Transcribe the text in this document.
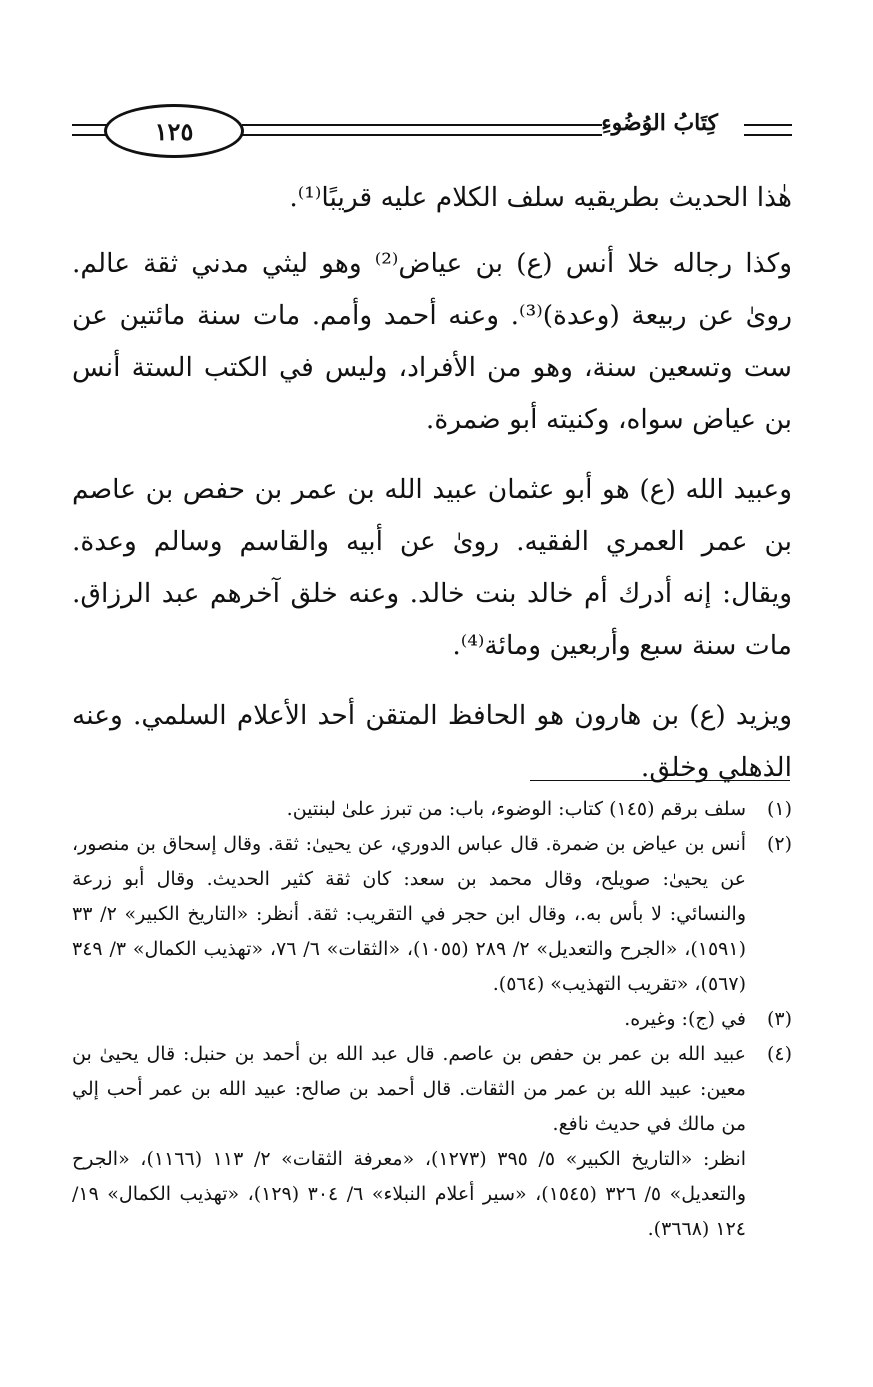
١٢٥	كِتَابُ الوُضُوءِ

هٰذا الحديث بطريقيه سلف الكلام عليه قريبًا⁽¹⁾.

وكذا رجاله خلا أنس (ع) بن عياض⁽²⁾ وهو ليثي مدني ثقة عالم. رویٰ عن ربيعة (وعدة)⁽³⁾. وعنه أحمد وأمم. مات سنة مائتين عن ست وتسعين سنة، وهو من الأفراد، وليس في الكتب الستة أنس بن عياض سواه، وكنيته أبو ضمرة.

وعبيد الله (ع) هو أبو عثمان عبيد الله بن عمر بن حفص بن عاصم بن عمر العمري الفقيه. رویٰ عن أبيه والقاسم وسالم وعدة. ويقال: إنه أدرك أم خالد بنت خالد. وعنه خلق آخرهم عبد الرزاق. مات سنة سبع وأربعين ومائة⁽⁴⁾.

ويزيد (ع) بن هارون هو الحافظ المتقن أحد الأعلام السلمي. وعنه الذهلي وخلق.

(١)
سلف برقم (١٤٥) كتاب: الوضوء، باب: من تبرز علىٰ لبنتين.
(٢)
أنس بن عياض بن ضمرة. قال عباس الدوري، عن يحيىٰ: ثقة. وقال إسحاق بن منصور، عن يحيىٰ: صويلح، وقال محمد بن سعد: كان ثقة كثير الحديث. وقال أبو زرعة والنسائي: لا بأس به.، وقال ابن حجر في التقريب: ثقة. أنظر: «التاريخ الكبير» ٢/ ٣٣ (١٥٩١)، «الجرح والتعديل» ٢/ ٢٨٩ (١٠٥٥)، «الثقات» ٦/ ٧٦، «تهذيب الكمال» ٣/ ٣٤٩ (٥٦٧)، «تقريب التهذيب» (٥٦٤).
(٣)
في (ج): وغيره.
(٤)
عبيد الله بن عمر بن حفص بن عاصم. قال عبد الله بن أحمد بن حنبل: قال يحيىٰ بن معين: عبيد الله بن عمر من الثقات. قال أحمد بن صالح: عبيد الله بن عمر أحب إلي من مالك في حديث نافع.
انظر: «التاريخ الكبير» ٥/ ٣٩٥ (١٢٧٣)، «معرفة الثقات» ٢/ ١١٣ (١١٦٦)، «الجرح والتعديل» ٥/ ٣٢٦ (١٥٤٥)، «سير أعلام النبلاء» ٦/ ٣٠٤ (١٢٩)، «تهذيب الكمال» ١٩/ ١٢٤ (٣٦٦٨).
